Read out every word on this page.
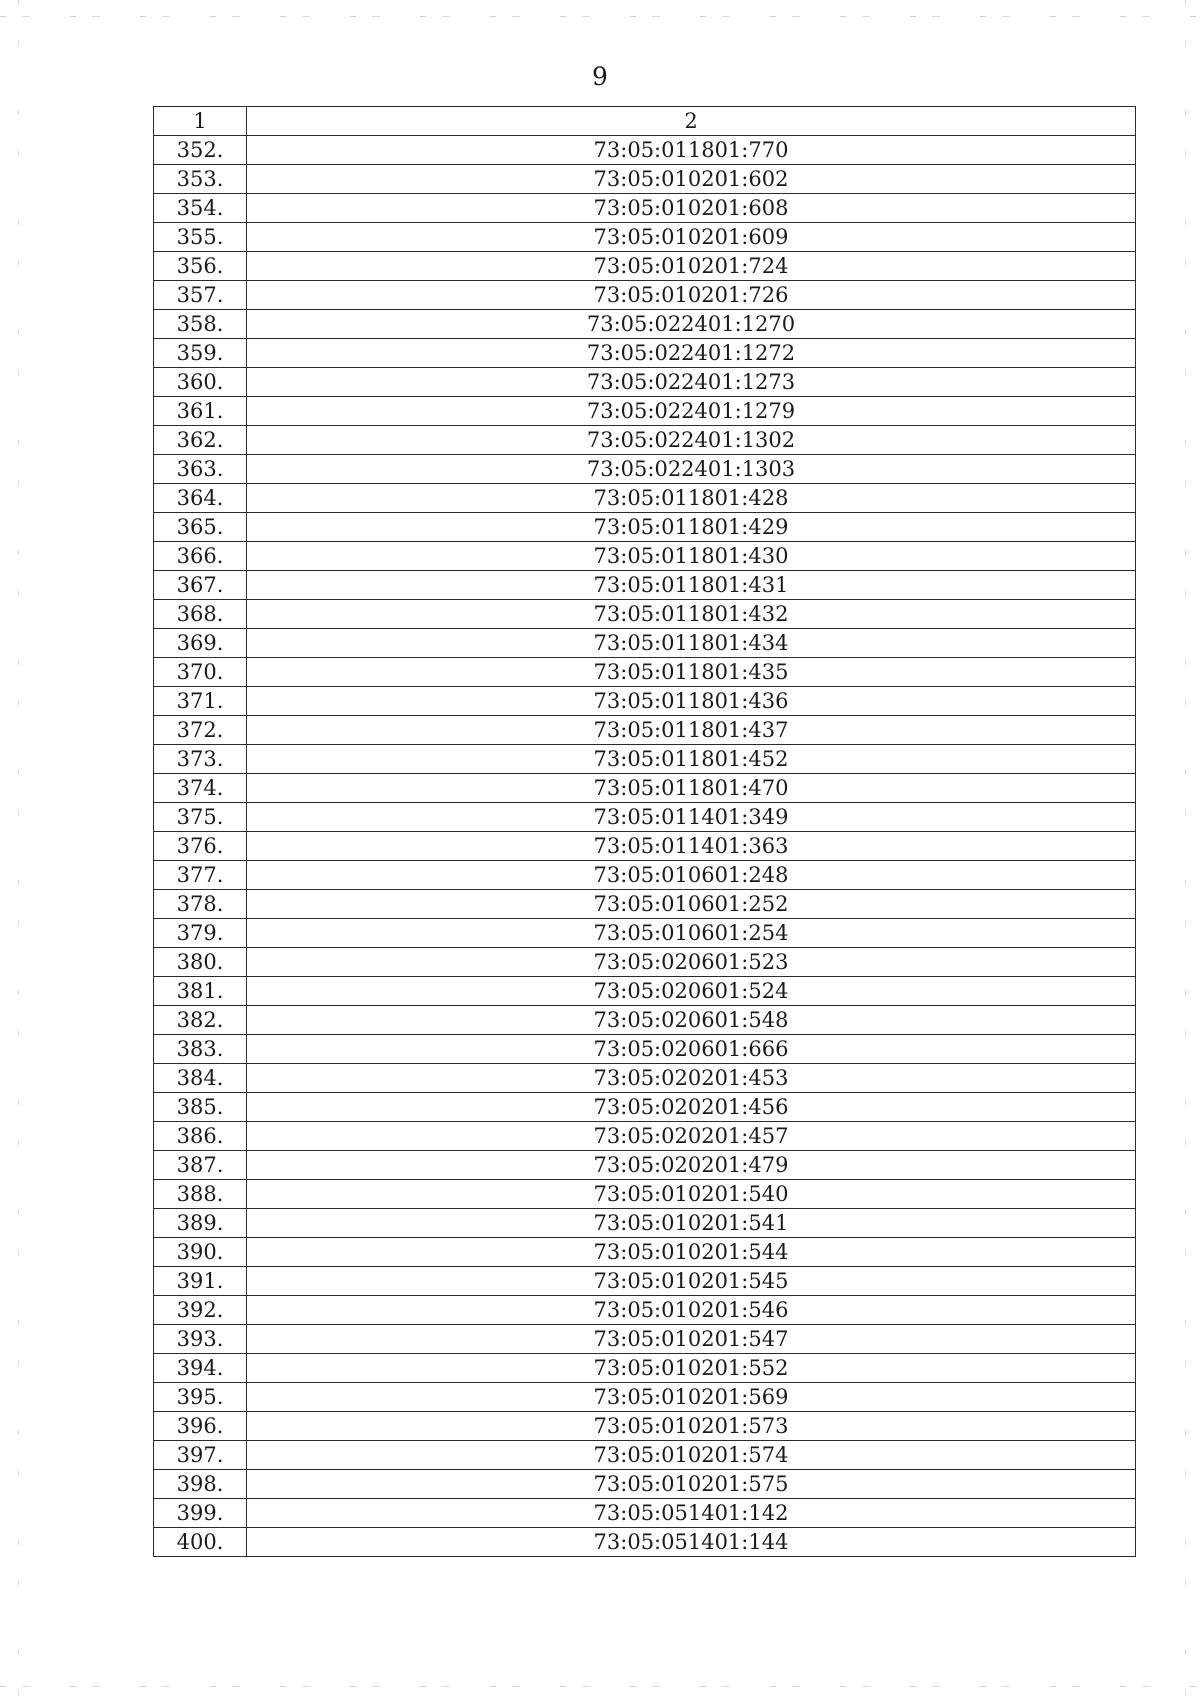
9
1	2
352.	73:05:011801:770
353.	73:05:010201:602
354.	73:05:010201:608
355.	73:05:010201:609
356.	73:05:010201:724
357.	73:05:010201:726
358.	73:05:022401:1270
359.	73:05:022401:1272
360.	73:05:022401:1273
361.	73:05:022401:1279
362.	73:05:022401:1302
363.	73:05:022401:1303
364.	73:05:011801:428
365.	73:05:011801:429
366.	73:05:011801:430
367.	73:05:011801:431
368.	73:05:011801:432
369.	73:05:011801:434
370.	73:05:011801:435
371.	73:05:011801:436
372.	73:05:011801:437
373.	73:05:011801:452
374.	73:05:011801:470
375.	73:05:011401:349
376.	73:05:011401:363
377.	73:05:010601:248
378.	73:05:010601:252
379.	73:05:010601:254
380.	73:05:020601:523
381.	73:05:020601:524
382.	73:05:020601:548
383.	73:05:020601:666
384.	73:05:020201:453
385.	73:05:020201:456
386.	73:05:020201:457
387.	73:05:020201:479
388.	73:05:010201:540
389.	73:05:010201:541
390.	73:05:010201:544
391.	73:05:010201:545
392.	73:05:010201:546
393.	73:05:010201:547
394.	73:05:010201:552
395.	73:05:010201:569
396.	73:05:010201:573
397.	73:05:010201:574
398.	73:05:010201:575
399.	73:05:051401:142
400.	73:05:051401:144
